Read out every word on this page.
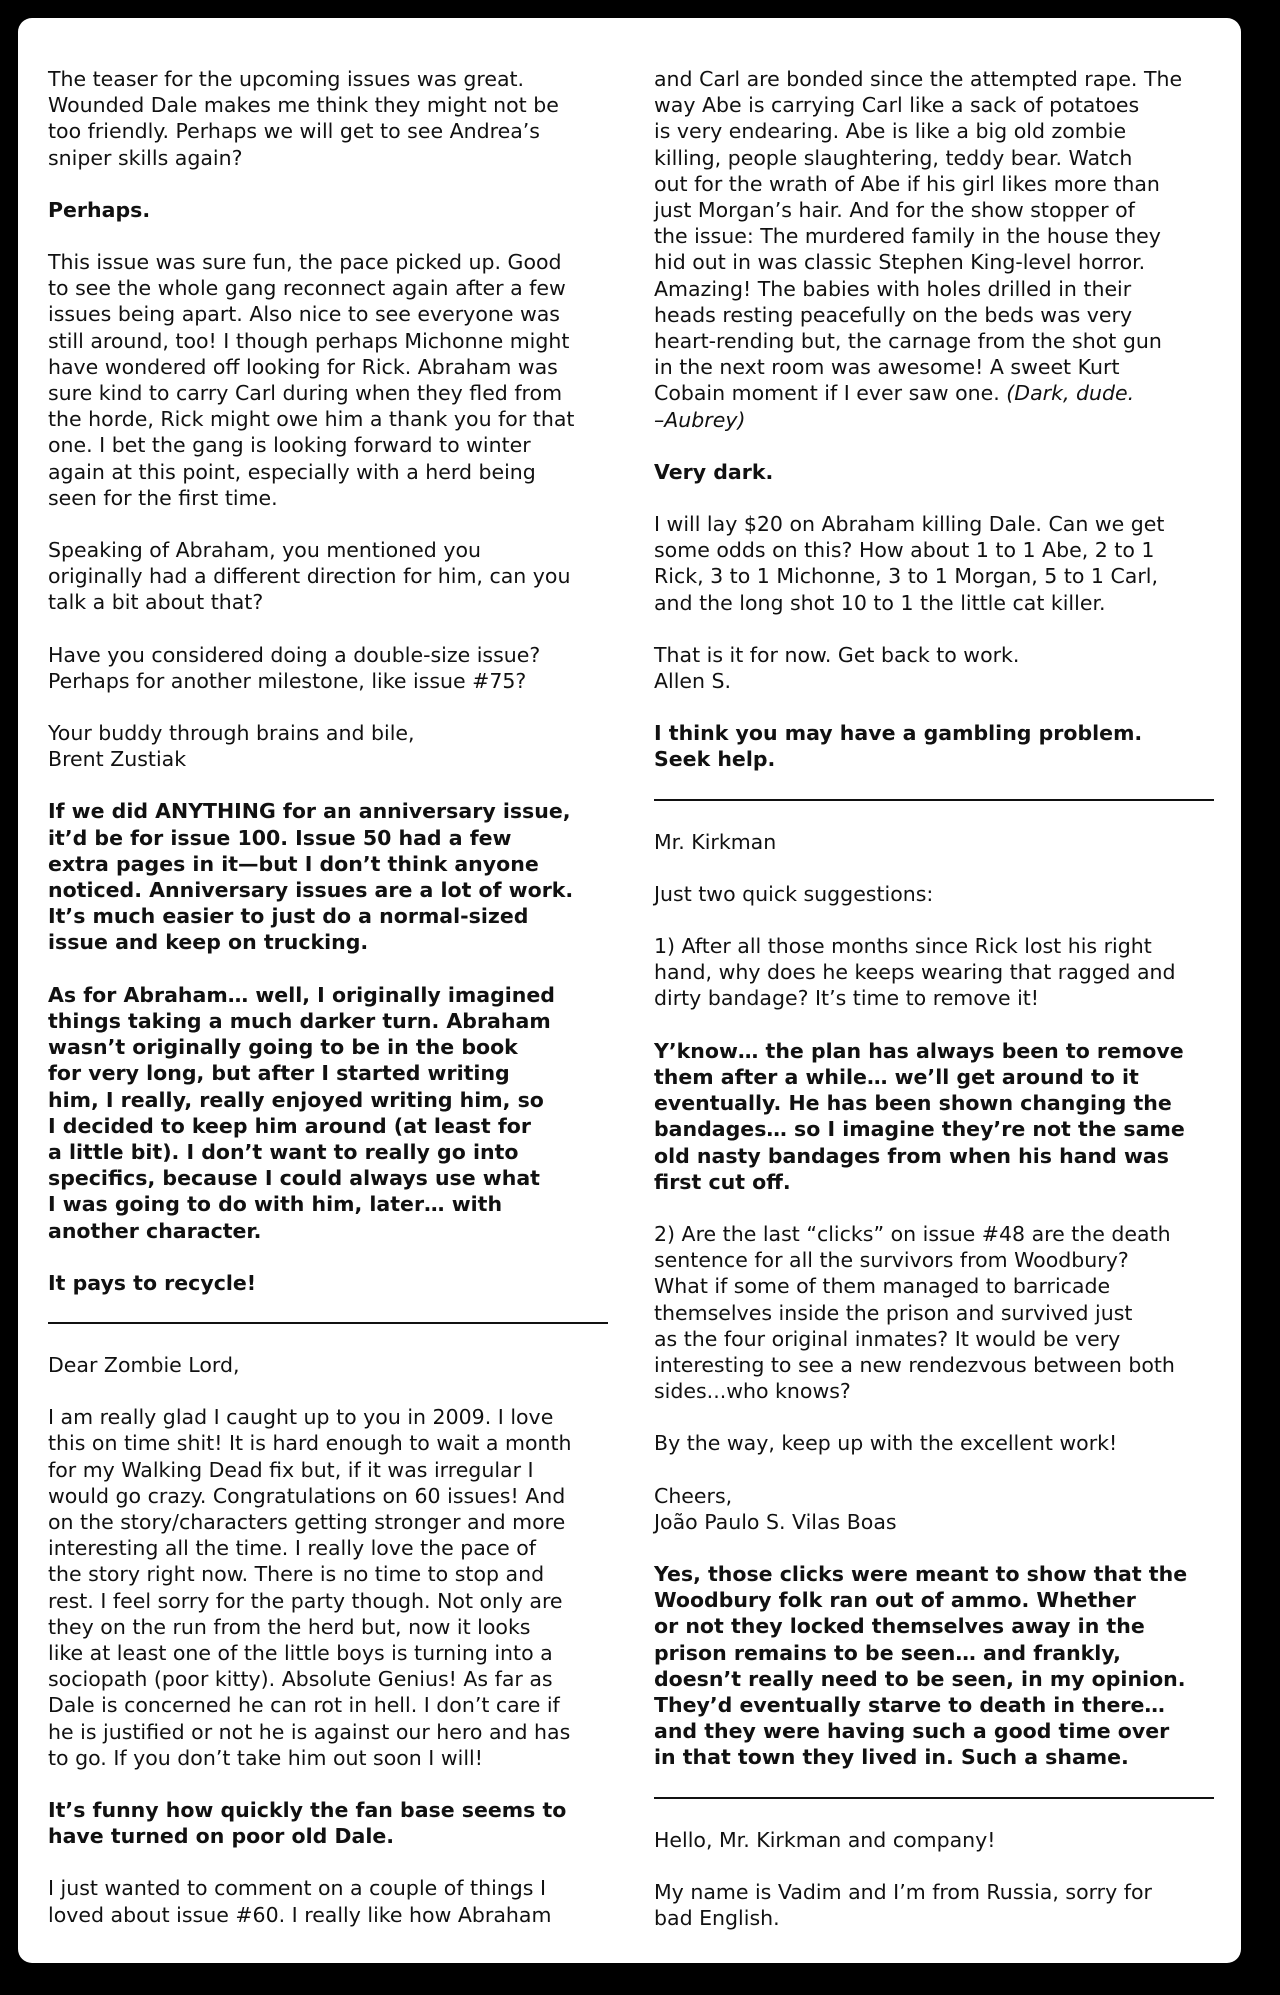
The teaser for the upcoming issues was great.
Wounded Dale makes me think they might not be
too friendly. Perhaps we will get to see Andrea’s
sniper skills again?

Perhaps.

This issue was sure fun, the pace picked up. Good
to see the whole gang reconnect again after a few
issues being apart. Also nice to see everyone was
still around, too! I though perhaps Michonne might
have wondered off looking for Rick. Abraham was
sure kind to carry Carl during when they fled from
the horde, Rick might owe him a thank you for that
one. I bet the gang is looking forward to winter
again at this point, especially with a herd being
seen for the first time.

Speaking of Abraham, you mentioned you
originally had a different direction for him, can you
talk a bit about that?

Have you considered doing a double-size issue?
Perhaps for another milestone, like issue #75?

Your buddy through brains and bile,
Brent Zustiak

If we did ANYTHING for an anniversary issue,
it’d be for issue 100. Issue 50 had a few
extra pages in it—but I don’t think anyone
noticed. Anniversary issues are a lot of work.
It’s much easier to just do a normal-sized
issue and keep on trucking.

As for Abraham… well, I originally imagined
things taking a much darker turn. Abraham
wasn’t originally going to be in the book
for very long, but after I started writing
him, I really, really enjoyed writing him, so
I decided to keep him around (at least for
a little bit). I don’t want to really go into
specifics, because I could always use what
I was going to do with him, later… with
another character.

It pays to recycle!

Dear Zombie Lord,

I am really glad I caught up to you in 2009. I love
this on time shit! It is hard enough to wait a month
for my Walking Dead fix but, if it was irregular I
would go crazy. Congratulations on 60 issues! And
on the story/characters getting stronger and more
interesting all the time. I really love the pace of
the story right now. There is no time to stop and
rest. I feel sorry for the party though. Not only are
they on the run from the herd but, now it looks
like at least one of the little boys is turning into a
sociopath (poor kitty). Absolute Genius! As far as
Dale is concerned he can rot in hell. I don’t care if
he is justified or not he is against our hero and has
to go. If you don’t take him out soon I will!

It’s funny how quickly the fan base seems to
have turned on poor old Dale.

I just wanted to comment on a couple of things I
loved about issue #60. I really like how Abraham

and Carl are bonded since the attempted rape. The
way Abe is carrying Carl like a sack of potatoes
is very endearing. Abe is like a big old zombie
killing, people slaughtering, teddy bear. Watch
out for the wrath of Abe if his girl likes more than
just Morgan’s hair. And for the show stopper of
the issue: The murdered family in the house they
hid out in was classic Stephen King-level horror.
Amazing! The babies with holes drilled in their
heads resting peacefully on the beds was very
heart-rending but, the carnage from the shot gun
in the next room was awesome! A sweet Kurt
Cobain moment if I ever saw one. (Dark, dude.
–Aubrey)

Very dark.

I will lay $20 on Abraham killing Dale. Can we get
some odds on this? How about 1 to 1 Abe, 2 to 1
Rick, 3 to 1 Michonne, 3 to 1 Morgan, 5 to 1 Carl,
and the long shot 10 to 1 the little cat killer.

That is it for now. Get back to work.
Allen S.

I think you may have a gambling problem.
Seek help.

Mr. Kirkman

Just two quick suggestions:

1) After all those months since Rick lost his right
hand, why does he keeps wearing that ragged and
dirty bandage? It’s time to remove it!

Y’know… the plan has always been to remove
them after a while… we’ll get around to it
eventually. He has been shown changing the
bandages… so I imagine they’re not the same
old nasty bandages from when his hand was
first cut off.

2) Are the last “clicks” on issue #48 are the death
sentence for all the survivors from Woodbury?
What if some of them managed to barricade
themselves inside the prison and survived just
as the four original inmates? It would be very
interesting to see a new rendezvous between both
sides...who knows?

By the way, keep up with the excellent work!

Cheers,
João Paulo S. Vilas Boas

Yes, those clicks were meant to show that the
Woodbury folk ran out of ammo. Whether
or not they locked themselves away in the
prison remains to be seen… and frankly,
doesn’t really need to be seen, in my opinion.
They’d eventually starve to death in there…
and they were having such a good time over
in that town they lived in. Such a shame.

Hello, Mr. Kirkman and company!

My name is Vadim and I’m from Russia, sorry for
bad English.
